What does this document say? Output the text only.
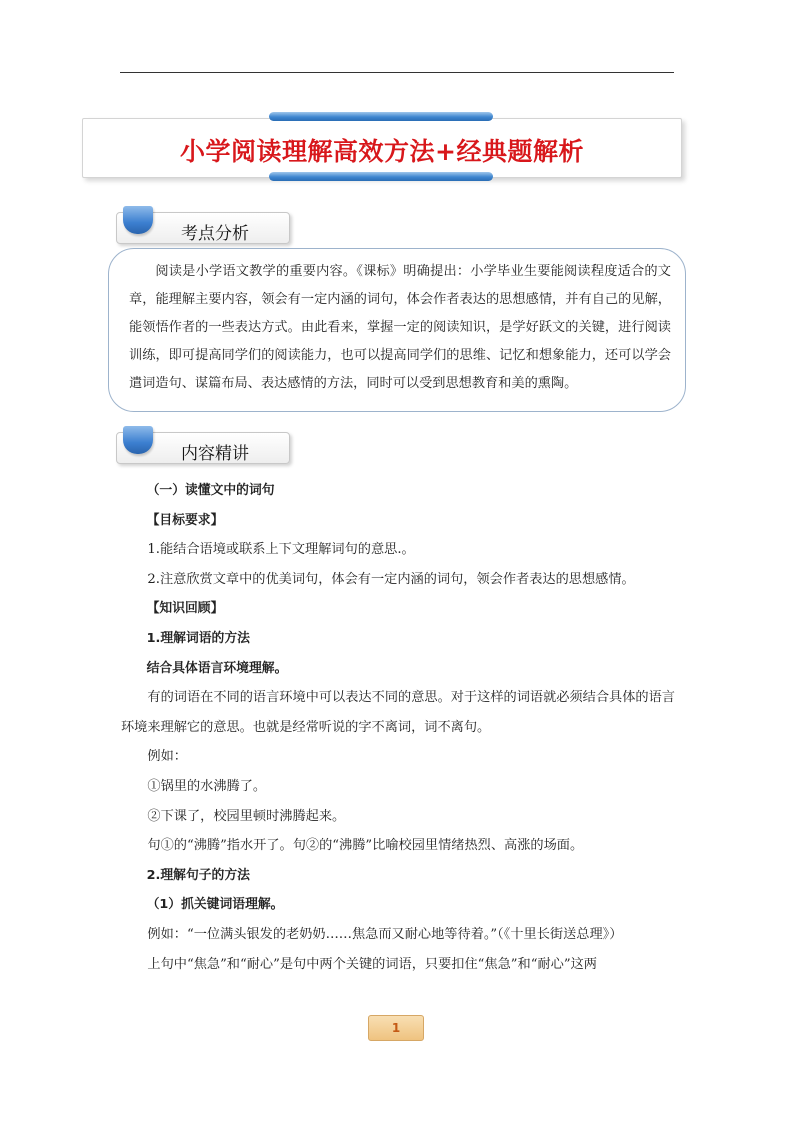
小学阅读理解高效方法+经典题解析
考点分析

阅读是小学语文教学的重要内容。《课标》明确提出：小学毕业生要能阅读程度适合的文章，能理解主要内容，领会有一定内涵的词句，体会作者表达的思想感情，并有自己的见解，能领悟作者的一些表达方式。由此看来，掌握一定的阅读知识，是学好跃文的关键，进行阅读训练，即可提高同学们的阅读能力，也可以提高同学们的思维、记忆和想象能力，还可以学会遣词造句、谋篇布局、表达感情的方法，同时可以受到思想教育和美的熏陶。

内容精讲

（一）读懂文中的词句

【目标要求】

1.能结合语境或联系上下文理解词句的意思.。

2.注意欣赏文章中的优美词句，体会有一定内涵的词句，领会作者表达的思想感情。

【知识回顾】

1.理解词语的方法

结合具体语言环境理解。

有的词语在不同的语言环境中可以表达不同的意思。对于这样的词语就必须结合具体的语言环境来理解它的意思。也就是经常听说的字不离词，词不离句。

例如：

①锅里的水沸腾了。

②下课了，校园里顿时沸腾起来。

句①的“沸腾”指水开了。句②的“沸腾”比喻校园里情绪热烈、高涨的场面。

2.理解句子的方法

（1）抓关键词语理解。

例如：“一位满头银发的老奶奶……焦急而又耐心地等待着。”（《十里长街送总理》）

上句中“焦急”和“耐心”是句中两个关键的词语，只要扣住“焦急”和“耐心”这两

1
